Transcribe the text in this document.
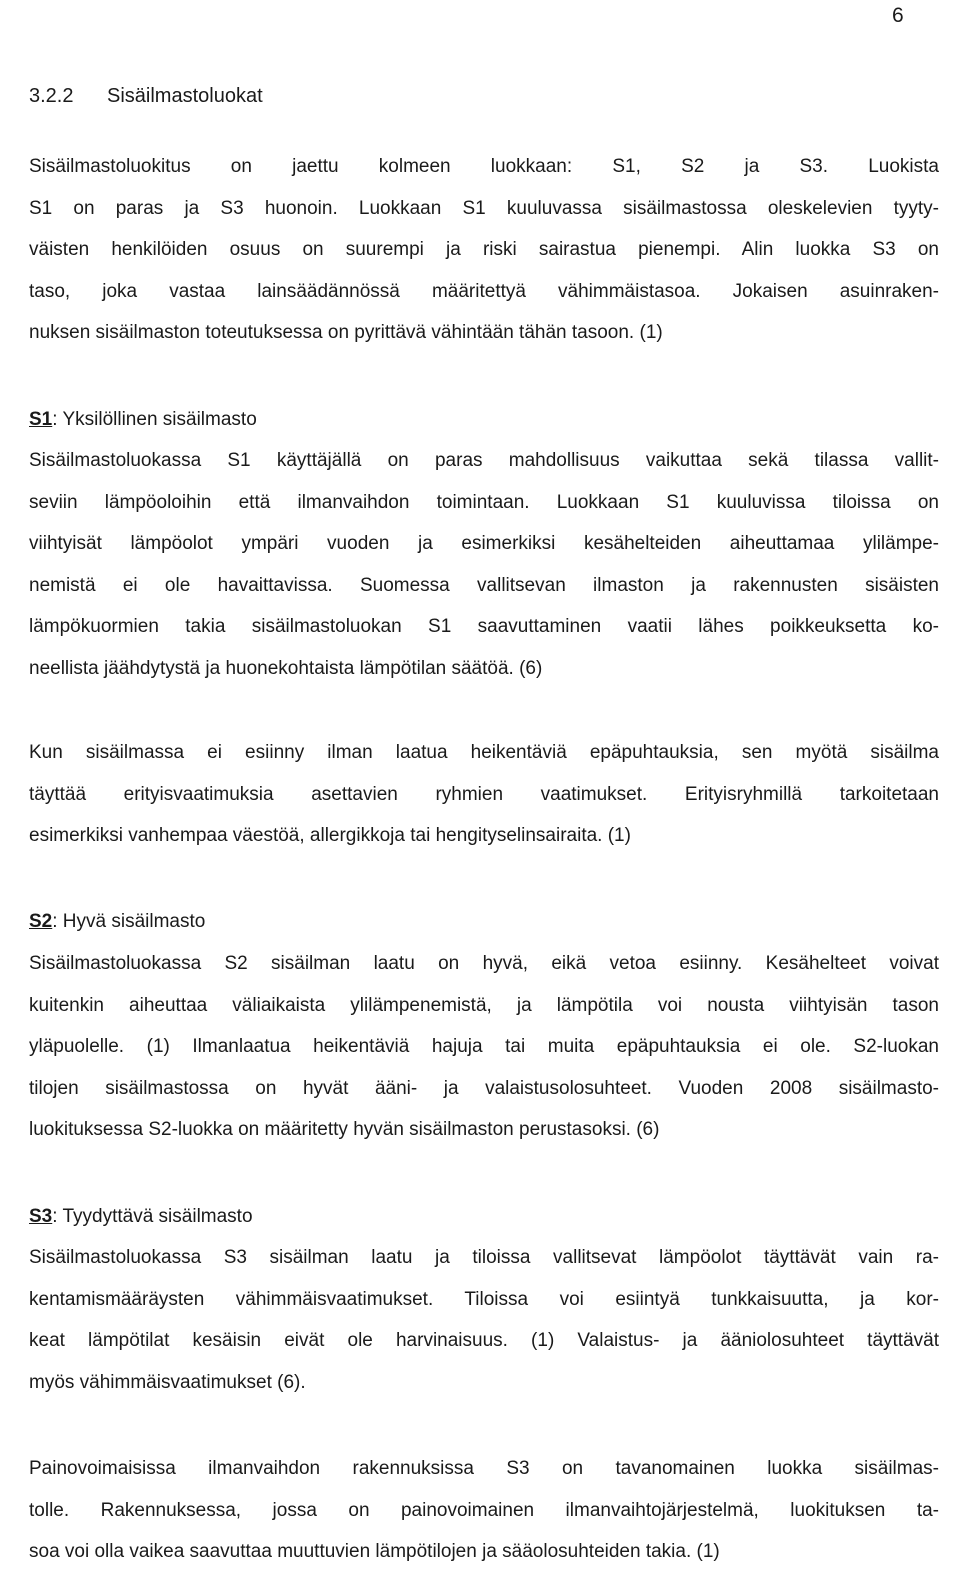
6
3.2.2 Sisäilmastoluokat
Sisäilmastoluokitus on jaettu kolmeen luokkaan: S1, S2 ja S3. Luokista
S1 on paras ja S3 huonoin. Luokkaan S1 kuuluvassa sisäilmastossa oleskelevien tyyty-
väisten henkilöiden osuus on suurempi ja riski sairastua pienempi. Alin luokka S3 on
taso, joka vastaa lainsäädännössä määritettyä vähimmäistasoa. Jokaisen asuinraken-
nuksen sisäilmaston toteutuksessa on pyrittävä vähintään tähän tasoon. (1)
S1: Yksilöllinen sisäilmasto
Sisäilmastoluokassa S1 käyttäjällä on paras mahdollisuus vaikuttaa sekä tilassa vallit-
seviin lämpöoloihin että ilmanvaihdon toimintaan. Luokkaan S1 kuuluvissa tiloissa on
viihtyisät lämpöolot ympäri vuoden ja esimerkiksi kesähelteiden aiheuttamaa ylilämpe-
nemistä ei ole havaittavissa. Suomessa vallitsevan ilmaston ja rakennusten sisäisten
lämpökuormien takia sisäilmastoluokan S1 saavuttaminen vaatii lähes poikkeuksetta ko-
neellista jäähdytystä ja huonekohtaista lämpötilan säätöä. (6)
Kun sisäilmassa ei esiinny ilman laatua heikentäviä epäpuhtauksia, sen myötä sisäilma
täyttää erityisvaatimuksia asettavien ryhmien vaatimukset. Erityisryhmillä tarkoitetaan
esimerkiksi vanhempaa väestöä, allergikkoja tai hengityselinsairaita. (1)
S2: Hyvä sisäilmasto
Sisäilmastoluokassa S2 sisäilman laatu on hyvä, eikä vetoa esiinny. Kesähelteet voivat
kuitenkin aiheuttaa väliaikaista ylilämpenemistä, ja lämpötila voi nousta viihtyisän tason
yläpuolelle. (1) Ilmanlaatua heikentäviä hajuja tai muita epäpuhtauksia ei ole. S2-luokan
tilojen sisäilmastossa on hyvät ääni- ja valaistusolosuhteet. Vuoden 2008 sisäilmasto-
luokituksessa S2-luokka on määritetty hyvän sisäilmaston perustasoksi. (6)
S3: Tyydyttävä sisäilmasto
Sisäilmastoluokassa S3 sisäilman laatu ja tiloissa vallitsevat lämpöolot täyttävät vain ra-
kentamismääräysten vähimmäisvaatimukset. Tiloissa voi esiintyä tunkkaisuutta, ja kor-
keat lämpötilat kesäisin eivät ole harvinaisuus. (1) Valaistus- ja ääniolosuhteet täyttävät
myös vähimmäisvaatimukset (6).
Painovoimaisissa ilmanvaihdon rakennuksissa S3 on tavanomainen luokka sisäilmas-
tolle. Rakennuksessa, jossa on painovoimainen ilmanvaihtojärjestelmä, luokituksen ta-
soa voi olla vaikea saavuttaa muuttuvien lämpötilojen ja sääolosuhteiden takia. (1)
